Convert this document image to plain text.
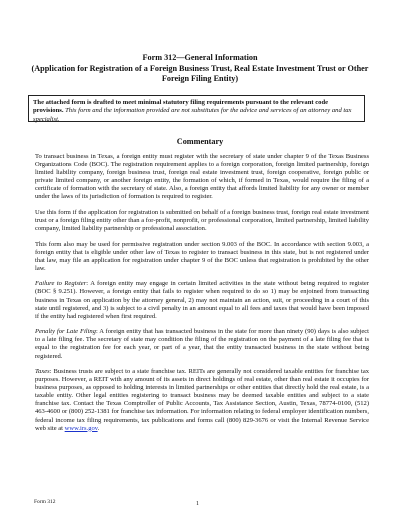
Form 312—General Information
(Application for Registration of a Foreign Business Trust, Real Estate Investment Trust or Other
Foreign Filing Entity)
The attached form is drafted to meet minimal statutory filing requirements pursuant to the relevant code provisions. This form and the information provided are not substitutes for the advice and services of an attorney and tax specialist.
Commentary

To transact business in Texas, a foreign entity must register with the secretary of state under chapter 9 of the Texas Business Organizations Code (BOC). The registration requirement applies to a foreign corporation, foreign limited partnership, foreign limited liability company, foreign business trust, foreign real estate investment trust, foreign cooperative, foreign public or private limited company, or another foreign entity, the formation of which, if formed in Texas, would require the filing of a certificate of formation with the secretary of state. Also, a foreign entity that affords limited liability for any owner or member under the laws of its jurisdiction of formation is required to register.

Use this form if the application for registration is submitted on behalf of a foreign business trust, foreign real estate investment trust or a foreign filing entity other than a for-profit, nonprofit, or professional corporation, limited partnership, limited liability company, limited liability partnership or professional association.

This form also may be used for permissive registration under section 9.003 of the BOC. In accordance with section 9.003, a foreign entity that is eligible under other law of Texas to register to transact business in this state, but is not registered under that law, may file an application for registration under chapter 9 of the BOC unless that registration is prohibited by the other law.

Failure to Register: A foreign entity may engage in certain limited activities in the state without being required to register (BOC § 9.251). However, a foreign entity that fails to register when required to do so 1) may be enjoined from transacting business in Texas on application by the attorney general, 2) may not maintain an action, suit, or proceeding in a court of this state until registered, and 3) is subject to a civil penalty in an amount equal to all fees and taxes that would have been imposed if the entity had registered when first required.

Penalty for Late Filing: A foreign entity that has transacted business in the state for more than ninety (90) days is also subject to a late filing fee. The secretary of state may condition the filing of the registration on the payment of a late filing fee that is equal to the registration fee for each year, or part of a year, that the entity transacted business in the state without being registered.

Taxes: Business trusts are subject to a state franchise tax. REITs are generally not considered taxable entities for franchise tax purposes. However, a REIT with any amount of its assets in direct holdings of real estate, other than real estate it occupies for business purposes, as opposed to holding interests in limited partnerships or other entities that directly hold the real estate, is a taxable entity. Other legal entities registering to transact business may be deemed taxable entities and subject to a state franchise tax. Contact the Texas Comptroller of Public Accounts, Tax Assistance Section, Austin, Texas, 78774-0100, (512) 463-4600 or (800) 252-1381 for franchise tax information. For information relating to federal employer identification numbers, federal income tax filing requirements, tax publications and forms call (800) 829-3676 or visit the Internal Revenue Service web site at www.irs.gov.

Form 312	1
